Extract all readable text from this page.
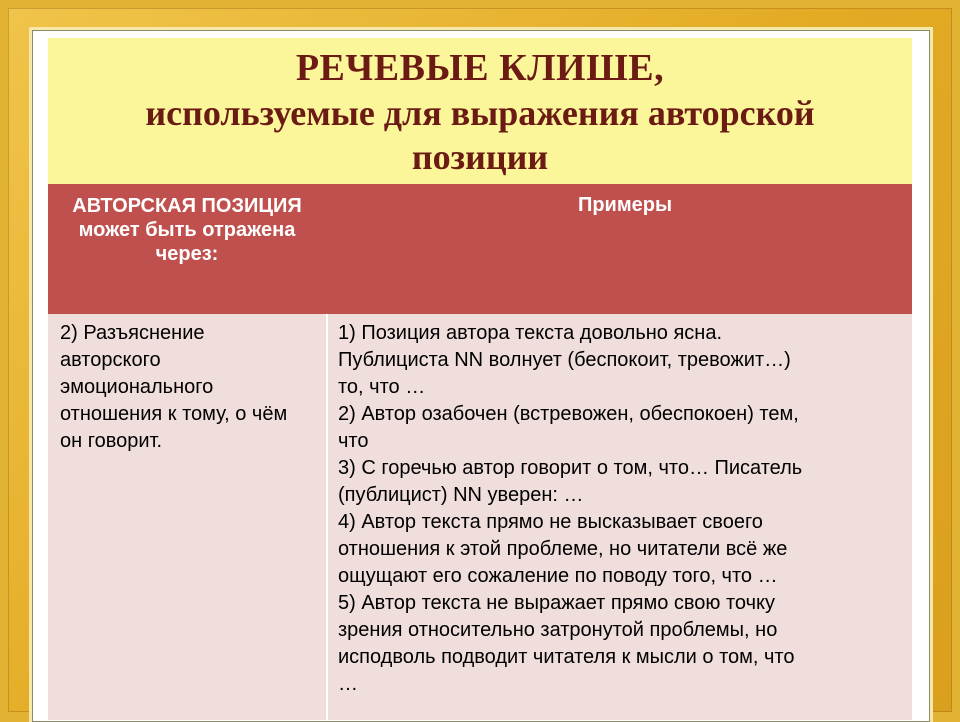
РЕЧЕВЫЕ КЛИШЕ,
используемые для выражения авторской
позиции
АВТОРСКАЯ ПОЗИЦИЯ может быть отражена через:
Примеры
2) Разъяснение авторского эмоционального отношения к тому, о чём он говорит.
1) Позиция автора текста довольно ясна.
Публициста NN волнует (беспокоит, тревожит…)
то, что …
2) Автор озабочен (встревожен, обеспокоен) тем,
что
3) С горечью автор говорит о том, что… Писатель
(публицист) NN уверен: …
4) Автор текста прямо не высказывает своего
отношения к этой проблеме, но читатели всё же
ощущают его сожаление по поводу того, что …
5) Автор текста не выражает прямо свою точку
зрения относительно затронутой проблемы, но
исподволь подводит читателя к мысли о том, что
…
